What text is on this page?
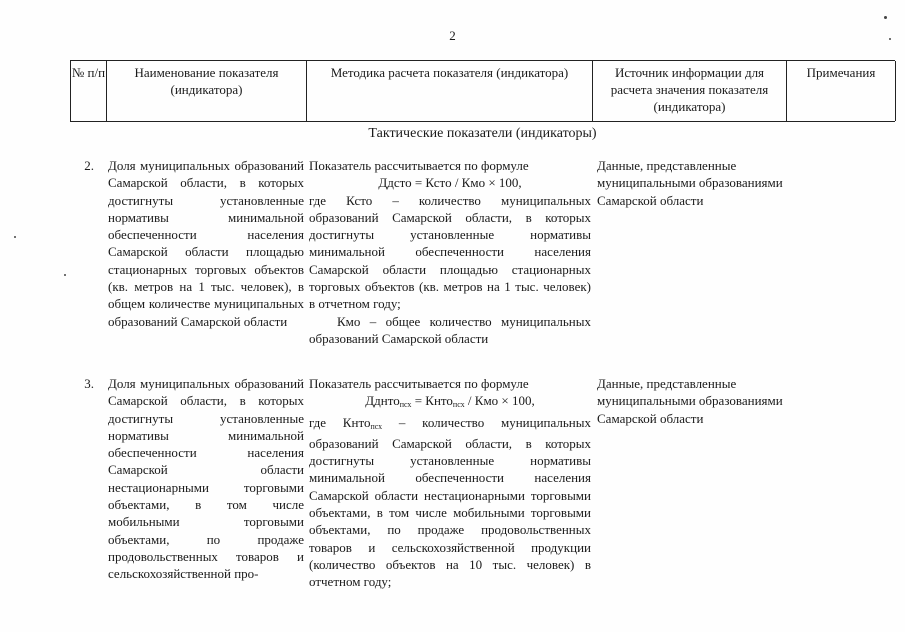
2
№ п/п	Наименование показателя (индикатора)
Методика расчета показателя (индикатора)	Источник информации для расчета значения показателя (индикатора)
Примечания
Тактические показатели (индикаторы)
2. Доля муниципальных образований Самарской области, в которых достигнуты установленные нормативы минимальной обеспеченности населения Самарской области площадью стационарных торговых объектов (кв. метров на 1 тыс. человек), в общем количестве муниципальных образований Самарской области
Показатель рассчитывается по формуле
Ддсто = Ксто / Кмо × 100,
где Ксто – количество муниципальных образований Самарской области, в которых достигнуты установленные нормативы минимальной обеспеченности населения Самарской области площадью стационарных торговых объектов (кв. метров на 1 тыс. человек) в отчетном году;
Кмо – общее количество муниципальных образований Самарской области
Данные, представленные муниципальными образованиями Самарской области
3. Доля муниципальных образований Самарской области, в которых достигнуты установленные нормативы минимальной обеспеченности населения Самарской области нестационарными торговыми объектами, в том числе мобильными торговыми объектами, по продаже продовольственных товаров и сельскохозяйственной про-
Показатель рассчитывается по формуле
Дднто$_{псх}$ = Кнто$_{псх}$ / Кмо × 100,
где Кнто$_{псх}$ – количество муниципальных образований Самарской области, в которых достигнуты установленные нормативы минимальной обеспеченности населения Самарской области нестационарными торговыми объектами, в том числе мобильными торговыми объектами, по продаже продовольственных товаров и сельскохозяйственной продукции (количество объектов на 10 тыс. человек) в отчетном году;
Данные, представленные муниципальными образованиями Самарской области
